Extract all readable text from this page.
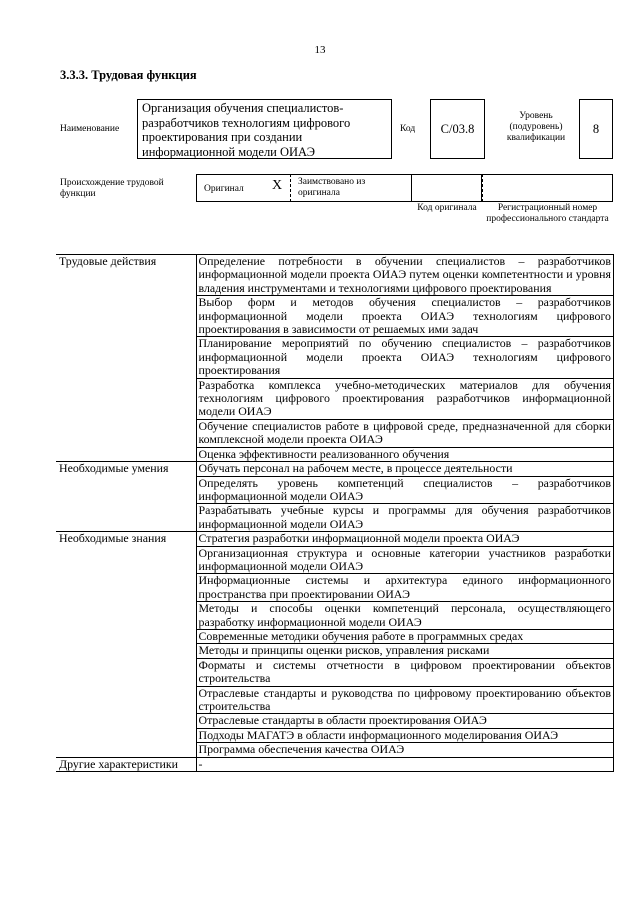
13
3.3.3. Трудовая функция
Наименование
Организация обучения специалистов-разработчиков технологиям цифрового проектирования при создании информационной модели ОИАЭ
Код С/03.8
Уровень (подуровень) квалификации
8
Происхождение трудовой функции	Оригинал Х Заимствовано из оригинала
Код оригинала	Регистрационный номер профессионального стандарта
Трудовые действия	Определение потребности в обучении специалистов – разработчиков информационной модели проекта ОИАЭ путем оценки компетентности и уровня владения инструментами и технологиями цифрового проектирования
	Выбор форм и методов обучения специалистов – разработчиков информационной модели проекта ОИАЭ технологиям цифрового проектирования в зависимости от решаемых ими задач
	Планирование мероприятий по обучению специалистов – разработчиков информационной модели проекта ОИАЭ технологиям цифрового проектирования
	Разработка комплекса учебно-методических материалов для обучения технологиям цифрового проектирования разработчиков информационной модели ОИАЭ
	Обучение специалистов работе в цифровой среде, предназначенной для сборки комплексной модели проекта ОИАЭ
	Оценка эффективности реализованного обучения
Необходимые умения	Обучать персонал на рабочем месте, в процессе деятельности
	Определять уровень компетенций специалистов – разработчиков информационной модели ОИАЭ
	Разрабатывать учебные курсы и программы для обучения разработчиков информационной модели ОИАЭ
Необходимые знания	Стратегия разработки информационной модели проекта ОИАЭ
	Организационная структура и основные категории участников разработки информационной модели ОИАЭ
	Информационные системы и архитектура единого информационного пространства при проектировании ОИАЭ
	Методы и способы оценки компетенций персонала, осуществляющего разработку информационной модели ОИАЭ
	Современные методики обучения работе в программных средах
	Методы и принципы оценки рисков, управления рисками
	Форматы и системы отчетности в цифровом проектировании объектов строительства
	Отраслевые стандарты и руководства по цифровому проектированию объектов строительства
	Отраслевые стандарты в области проектирования ОИАЭ
	Подходы МАГАТЭ в области информационного моделирования ОИАЭ
	Программа обеспечения качества ОИАЭ
Другие характеристики	-
